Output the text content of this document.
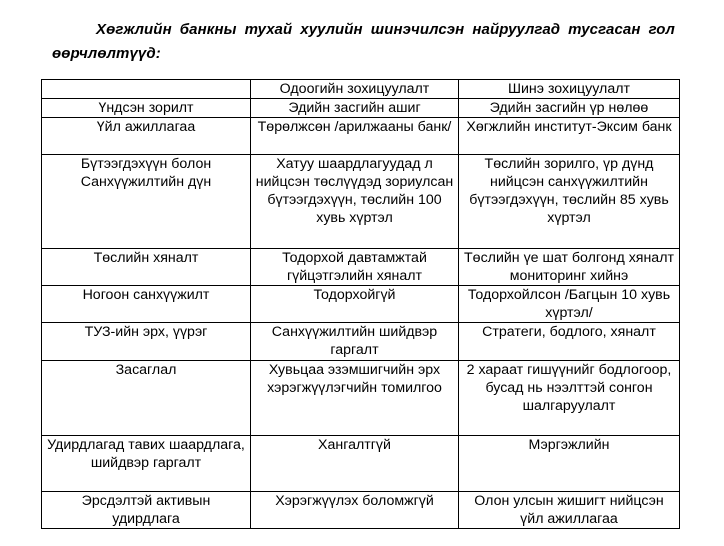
Хөгжлийн банкны тухай хуулийн шинэчилсэн найруулгад тусгасан гол өөрчлөлтүүд:
	Одоогийн зохицуулалт	Шинэ зохицуулалт
Үндсэн зорилт	Эдийн засгийн ашиг	Эдийн засгийн үр нөлөө
Үйл ажиллагаа	Төрөлжсөн /арилжааны банк/	Хөгжлийн институт-Эксим банк
Бүтээгдэхүүн болон Санхүүжилтийн дүн	Хатуу шаардлагуудад л нийцсэн төслүүдэд зориулсан бүтээгдэхүүн, төслийн 100 хувь хүртэл	Төслийн зорилго, үр дүнд нийцсэн санхүүжилтийн бүтээгдэхүүн, төслийн 85 хувь хүртэл
Төслийн хяналт	Тодорхой давтамжтай гүйцэтгэлийн хяналт	Төслийн үе шат болгонд хяналт мониторинг хийнэ
Ногоон санхүүжилт	Тодорхойгүй	Тодорхойлсон /Багцын 10 хувь хүртэл/
ТУЗ-ийн эрх, үүрэг	Санхүүжилтийн шийдвэр гаргалт	Стратеги, бодлого, хяналт
Засаглал	Хувьцаа эзэмшигчийн эрх хэрэгжүүлэгчийн томилгоо	2 хараат гишүүнийг бодлогоор, бусад нь нээлттэй сонгон шалгаруулалт
Удирдлагад тавих шаардлага, шийдвэр гаргалт	Хангалтгүй	Мэргэжлийн
Эрсдэлтэй активын удирдлага	Хэрэгжүүлэх боломжгүй	Олон улсын жишигт нийцсэн үйл ажиллагаа
